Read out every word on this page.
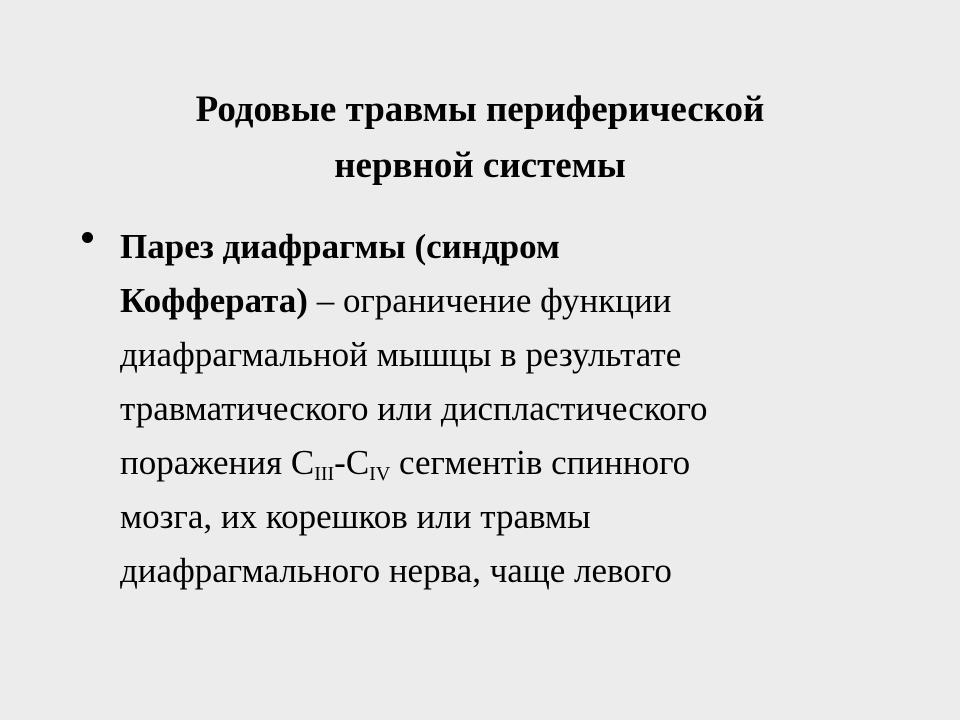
Родовые травмы периферической
нервной системы
Парез диафрагмы (синдром
Кофферата) – ограничение функции
диафрагмальной мышцы в результате
травматического или диспластического
поражения $С_{III}-С_{IV}$ сегментів спинного
мозга, их корешков или травмы
диафрагмального нерва, чаще левого
